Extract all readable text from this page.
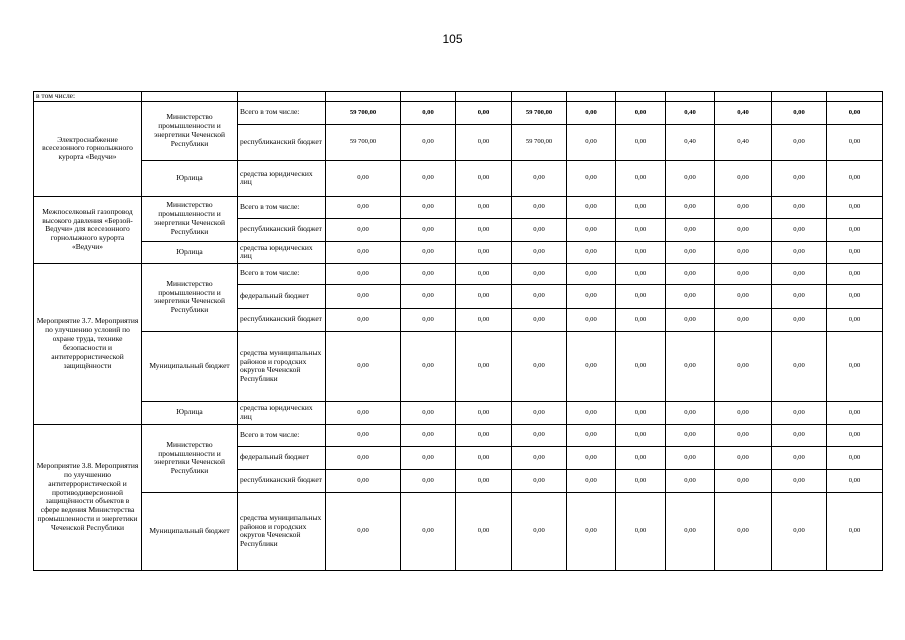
105
в том числе:												
Электроснабжение всесезонного горнолыжного курорта «Ведучи»	Министерство промышленности и энергетики Чеченской Республики	Всего в том числе:	59 700,00	0,00	0,00	59 700,00	0,00	0,00	0,40	0,40	0,00	0,00
		республиканский бюджет	59 700,00	0,00	0,00	59 700,00	0,00	0,00	0,40	0,40	0,00	0,00
	Юрлица	средства юридических лиц	0,00	0,00	0,00	0,00	0,00	0,00	0,00	0,00	0,00	0,00
Межпоселковый газопровод высокого давления «Берзой-Ведучи» для всесезонного горнолыжного курорта «Ведучи»	Министерство промышленности и энергетики Чеченской Республики	Всего в том числе:	0,00	0,00	0,00	0,00	0,00	0,00	0,00	0,00	0,00	0,00
		республиканский бюджет	0,00	0,00	0,00	0,00	0,00	0,00	0,00	0,00	0,00	0,00
	Юрлица	средства юридических лиц	0,00	0,00	0,00	0,00	0,00	0,00	0,00	0,00	0,00	0,00
Мероприятие 3.7. Мероприятия по улучшению условий по охране труда, технике безопасности и антитеррористической защищённости	Министерство промышленности и энергетики Чеченской Республики	Всего в том числе:	0,00	0,00	0,00	0,00	0,00	0,00	0,00	0,00	0,00	0,00
		федеральный бюджет	0,00	0,00	0,00	0,00	0,00	0,00	0,00	0,00	0,00	0,00
		республиканский бюджет	0,00	0,00	0,00	0,00	0,00	0,00	0,00	0,00	0,00	0,00
	Муниципальный бюджет	средства муниципальных районов и городских округов Чеченской Республики	0,00	0,00	0,00	0,00	0,00	0,00	0,00	0,00	0,00	0,00
	Юрлица	средства юридических лиц	0,00	0,00	0,00	0,00	0,00	0,00	0,00	0,00	0,00	0,00
Мероприятие 3.8. Мероприятия по улучшению антитеррористической и противодиверсионной защищённости объектов в сфере ведения Министерства промышленности и энергетики Чеченской Республики	Министерство промышленности и энергетики Чеченской Республики	Всего в том числе:	0,00	0,00	0,00	0,00	0,00	0,00	0,00	0,00	0,00	0,00
		федеральный бюджет	0,00	0,00	0,00	0,00	0,00	0,00	0,00	0,00	0,00	0,00
		республиканский бюджет	0,00	0,00	0,00	0,00	0,00	0,00	0,00	0,00	0,00	0,00
	Муниципальный бюджет	средства муниципальных районов и городских округов Чеченской Республики	0,00	0,00	0,00	0,00	0,00	0,00	0,00	0,00	0,00	0,00
